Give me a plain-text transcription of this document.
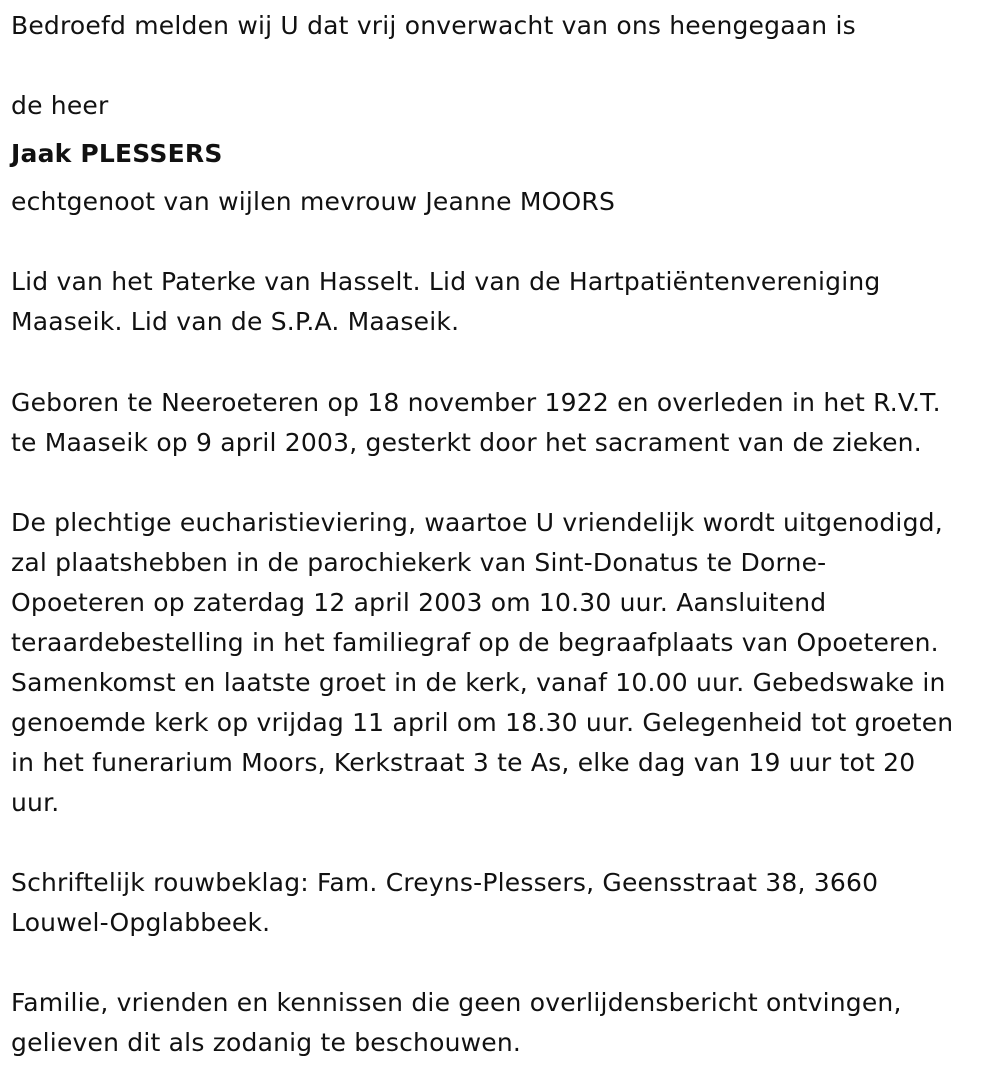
Bedroefd melden wij U dat vrij onverwacht van ons heengegaan is

de heer

Jaak PLESSERS

echtgenoot van wijlen mevrouw Jeanne MOORS

Lid van het Paterke van Hasselt. Lid van de Hartpatiëntenvereniging

Maaseik. Lid van de S.P.A. Maaseik.

Geboren te Neeroeteren op 18 november 1922 en overleden in het R.V.T.

te Maaseik op 9 april 2003, gesterkt door het sacrament van de zieken.

De plechtige eucharistieviering, waartoe U vriendelijk wordt uitgenodigd,

zal plaatshebben in de parochiekerk van Sint-Donatus te Dorne-

Opoeteren op zaterdag 12 april 2003 om 10.30 uur. Aansluitend

teraardebestelling in het familiegraf op de begraafplaats van Opoeteren.

Samenkomst en laatste groet in de kerk, vanaf 10.00 uur. Gebedswake in

genoemde kerk op vrijdag 11 april om 18.30 uur. Gelegenheid tot groeten

in het funerarium Moors, Kerkstraat 3 te As, elke dag van 19 uur tot 20

uur.

Schriftelijk rouwbeklag: Fam. Creyns-Plessers, Geensstraat 38, 3660

Louwel-Opglabbeek.

Familie, vrienden en kennissen die geen overlijdensbericht ontvingen,

gelieven dit als zodanig te beschouwen.
